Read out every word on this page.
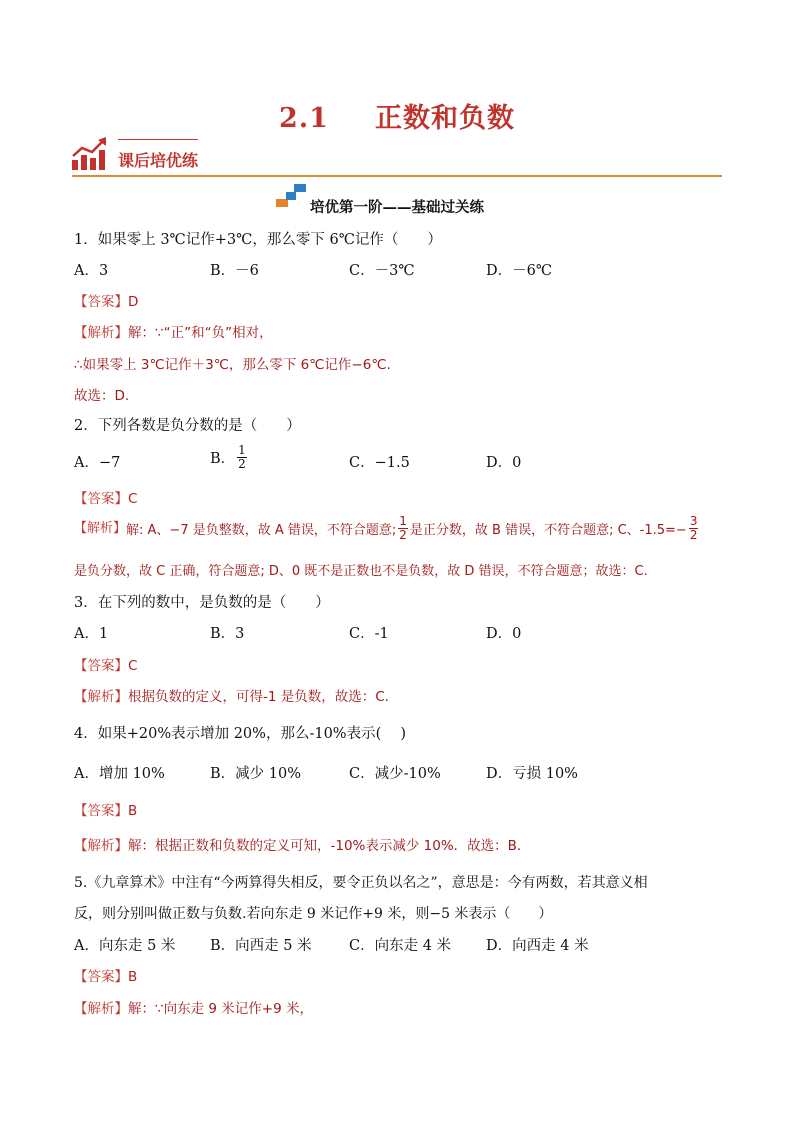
2.1 正数和负数
课后培优练
培优第一阶——基础过关练
1．如果零上 3℃记作+3℃，那么零下 6℃记作（　　）
A．3	B．－6	C．－3℃	D．－6℃
【答案】D
【解析】解：∵“正”和“负”相对，
∴如果零上 3℃记作＋3℃，那么零下 6℃记作−6℃.
故选：D.
2．下列各数是负分数的是（　　）
A．−7	B． $\frac{1}{2}$	C．−1.5	D．0
【答案】C
【解析】解: A、−7 是负整数，故 A 错误，不符合题意; $\frac{1}{2}$ 是正分数，故 B 错误，不符合题意; C、$-1.5=- \frac{3}{2}$
是负分数，故 C 正确，符合题意; D、0 既不是正数也不是负数，故 D 错误，不符合题意；故选：C.
3．在下列的数中，是负数的是（　　）
A．1	B．3	C．-1	D．0
【答案】C
【解析】根据负数的定义，可得-1 是负数，故选：C.
4．如果+20%表示增加 20%，那么-10%表示(　 )
A．增加 10%	B．减少 10%	C．减少-10%	D．亏损 10%
【答案】B
【解析】解：根据正数和负数的定义可知，-10%表示减少 10%．故选：B．
5.《九章算术》中注有“今两算得失相反，要令正负以名之”，意思是：今有两数，若其意义相
反，则分别叫做正数与负数.若向东走 9 米记作+9 米，则−5 米表示（　　）
A．向东走 5 米 B．向西走 5 米	C．向东走 4 米 D．向西走 4 米
【答案】B
【解析】解：∵向东走 9 米记作+9 米，
